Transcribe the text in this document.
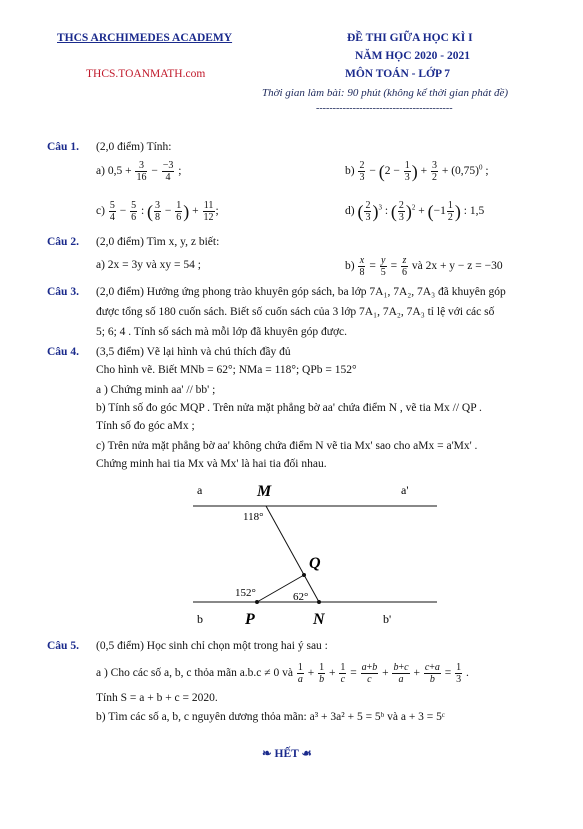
THCS ARCHIMEDES ACADEMY
THCS.TOANMATH.com
ĐỀ THI GIỮA HỌC KÌ I
NĂM HỌC 2020 - 2021
MÔN TOÁN - LỚP 7
Thời gian làm bài: 90 phút (không kể thời gian phát đề)
-----------------------------------------
Câu 1. (2,0 điểm) Tính:
a) $0,5 + \frac{3}{16} - \frac{-3}{4}$ ;	$b) \frac{2}{3} - (2 - \frac{1}{3}$ ) + $\frac{3}{2} + (0,75)^0$ ;
$c) \frac{5}{4} - \frac{5}{6}$ : ( $\frac{3}{8} - \frac{1}{6}$ ) + $\frac{11}{12}$ ;	d) ( $\frac{2}{3} )^3$ : ( $\frac{2}{3} )^2 + (-1 \frac{1}{2}$ ) : 1,5
Câu 2. (2,0 điểm) Tìm x, y, z biết:
a) 2x = 3y và xy = 54 ;	$b) \frac{x}{8} = \frac{y}{5} = \frac{z}{6}$ và 2x + y − z = −30
Câu 3. (2,0 điểm) Hưởng ứng phong trào khuyên góp sách, ba lớp 7A₁, 7A₂, 7A₃ đã khuyên góp
được tổng số 180 cuốn sách. Biết số cuốn sách của 3 lớp 7A₁, 7A₂, 7A₃ tỉ lệ với các số
5; 6; 4 . Tính số sách mà mỗi lớp đã khuyên góp được.
Câu 4. (3,5 điểm) Vẽ lại hình và chú thích đầy đủ
Cho hình vẽ. Biết MNb = 62°; NMa = 118°; QPb = 152°
a ) Chứng minh aa' // bb' ;
b) Tính số đo góc MQP . Trên nửa mặt phẳng bờ aa' chứa điểm N , vẽ tia Mx // QP .
Tính số đo góc aMx ;
c) Trên nửa mặt phẳng bờ aa' không chứa điểm N vẽ tia Mx' sao cho aMx = a'Mx' .
Chứng minh hai tia Mx và Mx' là hai tia đối nhau.
a	a'
M
118°
Q
152°	62°
b	P	N	b'
Câu 5. (0,5 điểm) Học sinh chỉ chọn một trong hai ý sau :
a ) Cho các số a, b, c thỏa mãn a.b.c ≠ 0 và $\frac{1}{a} + \frac{1}{b} + \frac{1}{c} = \frac{a+b}{c} + \frac{b+c}{a} + \frac{c+a}{b} = \frac{1}{3}$ .
Tính S = a + b + c = 2020.
b) Tìm các số a, b, c nguyên dương thỏa mãn: a³ + 3a² + 5 = 5ᵇ và a + 3 = 5ᶜ
❧ HẾT ☙
